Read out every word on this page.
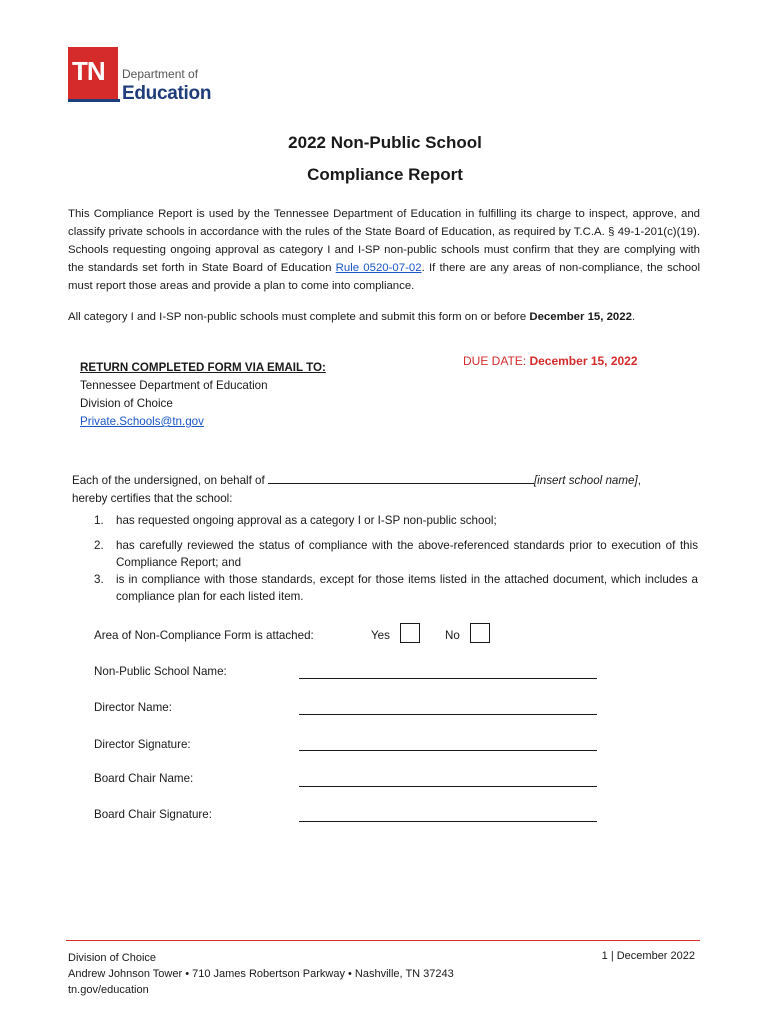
TN Department of
Education
2022 Non-Public School
Compliance Report
This Compliance Report is used by the Tennessee Department of Education in fulfilling its charge to inspect, approve, and classify private schools in accordance with the rules of the State Board of Education, as required by T.C.A. § 49-1-201(c)(19). Schools requesting ongoing approval as category I and I-SP non-public schools must confirm that they are complying with the standards set forth in State Board of Education Rule 0520-07-02. If there are any areas of non-compliance, the school must report those areas and provide a plan to come into compliance.
All category I and I-SP non-public schools must complete and submit this form on or before December 15, 2022.
RETURN COMPLETED FORM VIA EMAIL TO:
Tennessee Department of Education
Division of Choice
Private.Schools@tn.gov
DUE DATE: December 15, 2022
Each of the undersigned, on behalf of	[insert school name],
hereby certifies that the school:
1. has requested ongoing approval as a category I or I-SP non-public school;
2. has carefully reviewed the status of compliance with the above-referenced standards prior to execution of this Compliance Report; and
3. is in compliance with those standards, except for those items listed in the attached document, which includes a compliance plan for each listed item.
Area of Non-Compliance Form is attached:	Yes	No
Non-Public School Name:
Director Name:
Director Signature:
Board Chair Name:
Board Chair Signature:
Division of Choice
Andrew Johnson Tower • 710 James Robertson Parkway • Nashville, TN 37243
tn.gov/education
1 | December 2022
